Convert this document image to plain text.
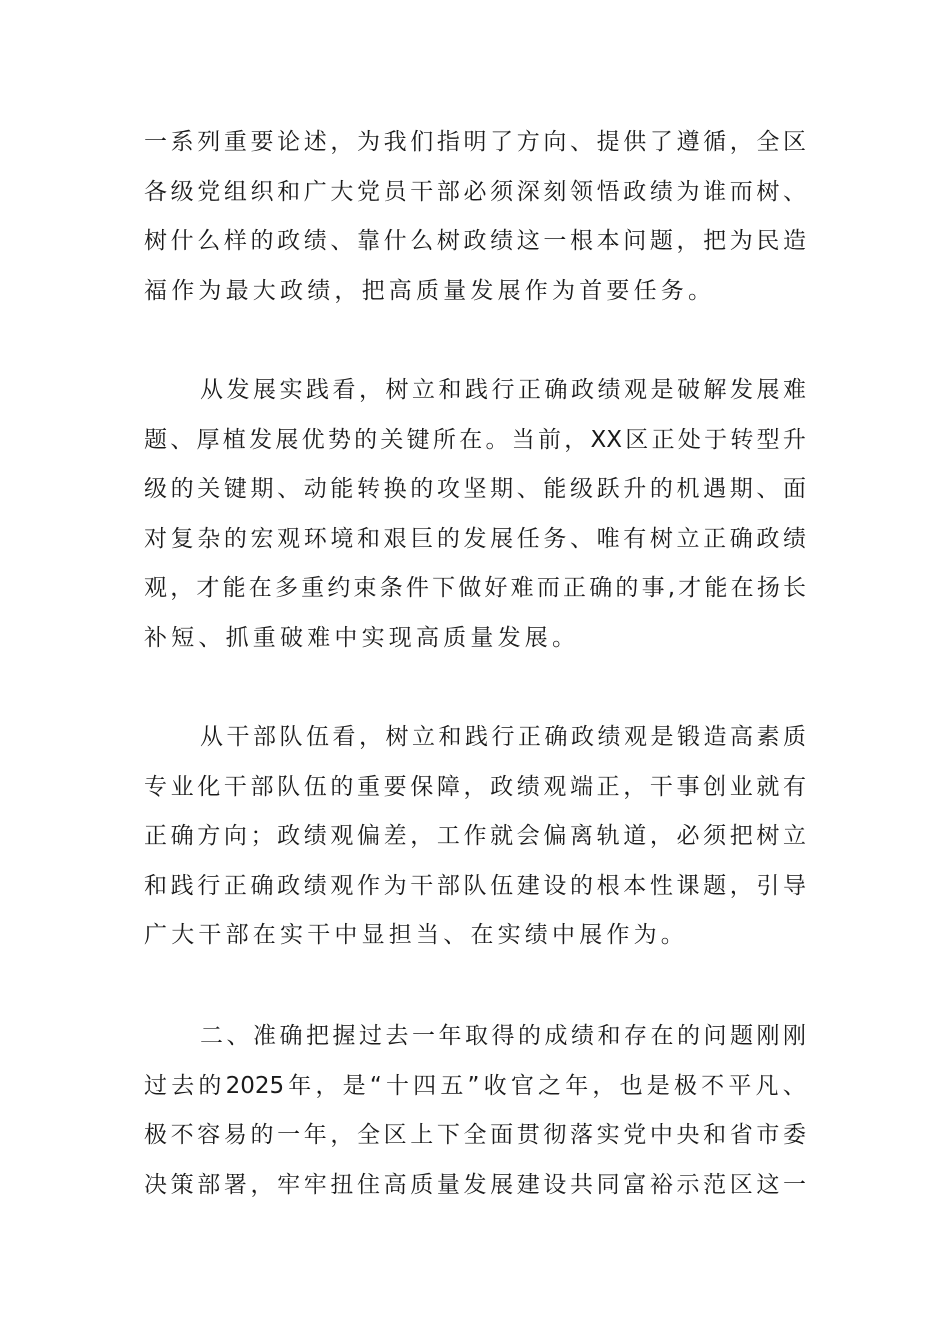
一 系 列 重 要 论 述 ， 为 我 们 指 明 了 方 向 、 提 供 了 遵 循 ， 全 区
各 级 党 组 织 和 广 大 党 员 干 部 必 须 深 刻 领 悟 政 绩 为 谁 而 树 、
树 什 么 样 的 政 绩 、 靠 什 么 树 政 绩 这 一 根 本 问 题 ， 把 为 民 造
福作为最大政绩，把高质量发展作为首要任务。
从 发 展 实 践 看 ， 树 立 和 践 行 正 确 政 绩 观 是 破 解 发 展 难
题 、 厚 植 发 展 优 势 的 关 键 所 在 。 当 前 ， XX 区 正 处 于 转 型 升
级 的 关 键 期 、 动 能 转 换 的 攻 坚 期 、 能 级 跃 升 的 机 遇 期 、 面
对 复 杂 的 宏 观 环 境 和 艰 巨 的 发 展 任 务 、 唯 有 树 立 正 确 政 绩
观 ， 才 能 在 多 重 约 束 条 件 下 做 好 难 而 正 确 的 事 , 才 能 在 扬 长
补短、抓重破难中实现高质量发展。
从 干 部 队 伍 看 ， 树 立 和 践 行 正 确 政 绩 观 是 锻 造 高 素 质
专 业 化 干 部 队 伍 的 重 要 保 障 ， 政 绩 观 端 正 ， 干 事 创 业 就 有
正 确 方 向 ； 政 绩 观 偏 差 ， 工 作 就 会 偏 离 轨 道 ， 必 须 把 树 立
和 践 行 正 确 政 绩 观 作 为 干 部 队 伍 建 设 的 根 本 性 课 题 ， 引 导
广大干部在实干中显担当、在实绩中展作为。
二 、 准 确 把 握 过 去 一 年 取 得 的 成 绩 和 存 在 的 问 题 刚 刚
过 去 的 2025 年 ， 是 “ 十 四 五 ” 收 官 之 年 ， 也 是 极 不 平 凡 、
极 不 容 易 的 一 年 ， 全 区 上 下 全 面 贯 彻 落 实 党 中 央 和 省 市 委
决 策 部 署 ， 牢 牢 扭 住 高 质 量 发 展 建 设 共 同 富 裕 示 范 区 这 一
